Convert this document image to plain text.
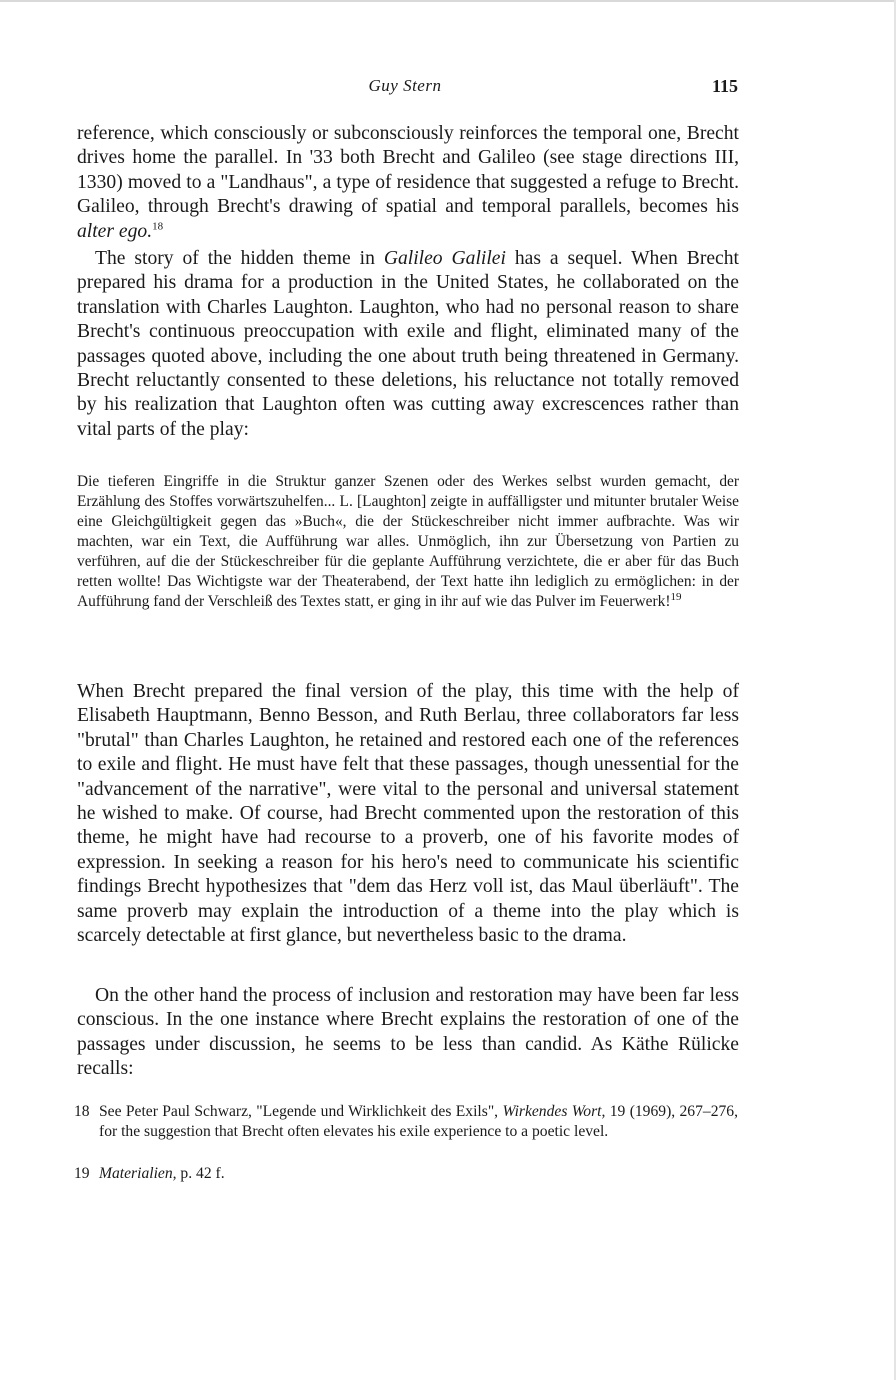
Guy Stern	115

reference, which consciously or subconsciously reinforces the temporal one, Brecht drives home the parallel. In '33 both Brecht and Galileo (see stage directions III, 1330) moved to a "Landhaus", a type of residence that suggested a refuge to Brecht. Galileo, through Brecht's drawing of spatial and temporal parallels, becomes his alter ego.$^{18}$

The story of the hidden theme in Galileo Galilei has a sequel. When Brecht prepared his drama for a production in the United States, he collaborated on the translation with Charles Laughton. Laughton, who had no personal reason to share Brecht's continuous preoccupation with exile and flight, eliminated many of the passages quoted above, including the one about truth being threatened in Germany. Brecht reluctantly consented to these deletions, his reluctance not totally removed by his realization that Laughton often was cutting away excrescences rather than vital parts of the play:

Die tieferen Eingriffe in die Struktur ganzer Szenen oder des Werkes selbst wurden gemacht, der Erzählung des Stoffes vorwärtszuhelfen... L. [Laughton] zeigte in auffälligster und mitunter brutaler Weise eine Gleichgültigkeit gegen das »Buch«, die der Stückeschreiber nicht immer aufbrachte. Was wir machten, war ein Text, die Aufführung war alles. Unmöglich, ihn zur Übersetzung von Partien zu verführen, auf die der Stückeschreiber für die geplante Aufführung verzichtete, die er aber für das Buch retten wollte! Das Wichtigste war der Theaterabend, der Text hatte ihn lediglich zu ermöglichen: in der Aufführung fand der Verschleiß des Textes statt, er ging in ihr auf wie das Pulver im Feuerwerk!$^{19}$

When Brecht prepared the final version of the play, this time with the help of Elisabeth Hauptmann, Benno Besson, and Ruth Berlau, three collaborators far less "brutal" than Charles Laughton, he retained and restored each one of the references to exile and flight. He must have felt that these passages, though unessential for the "advancement of the narrative", were vital to the personal and universal statement he wished to make. Of course, had Brecht commented upon the restoration of this theme, he might have had recourse to a proverb, one of his favorite modes of expression. In seeking a reason for his hero's need to communicate his scientific findings Brecht hypothesizes that "dem das Herz voll ist, das Maul überläuft". The same proverb may explain the introduction of a theme into the play which is scarcely detectable at first glance, but nevertheless basic to the drama.

On the other hand the process of inclusion and restoration may have been far less conscious. In the one instance where Brecht explains the restoration of one of the passages under discussion, he seems to be less than candid. As Käthe Rülicke recalls:

18 See Peter Paul Schwarz, "Legende und Wirklichkeit des Exils", Wirkendes Wort, 19 (1969), 267–276, for the suggestion that Brecht often elevates his exile experience to a poetic level.
19 Materialien, p. 42 f.
